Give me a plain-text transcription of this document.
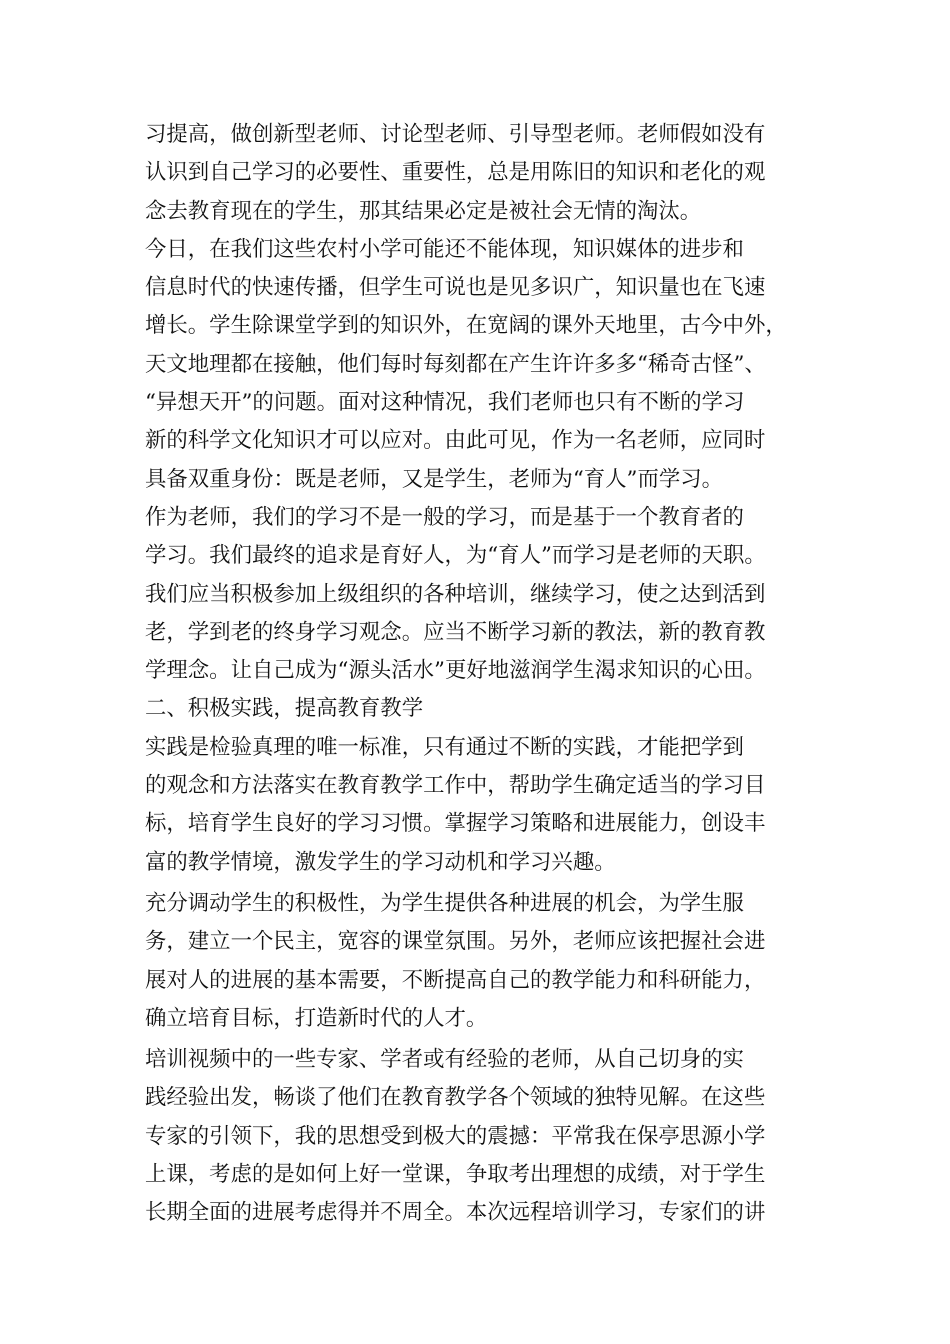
习提高，做创新型老师、讨论型老师、引导型老师。老师假如没有
认识到自己学习的必要性、重要性，总是用陈旧的知识和老化的观
念去教育现在的学生，那其结果必定是被社会无情的淘汰。
今日，在我们这些农村小学可能还不能体现，知识媒体的进步和
信息时代的快速传播，但学生可说也是见多识广，知识量也在飞速
增长。学生除课堂学到的知识外，在宽阔的课外天地里，古今中外，
天文地理都在接触，他们每时每刻都在产生许许多多“稀奇古怪”、
“异想天开”的问题。面对这种情况，我们老师也只有不断的学习
新的科学文化知识才可以应对。由此可见，作为一名老师，应同时
具备双重身份：既是老师，又是学生，老师为“育人”而学习。
作为老师，我们的学习不是一般的学习，而是基于一个教育者的
学习。我们最终的追求是育好人，为“育人”而学习是老师的天职。
我们应当积极参加上级组织的各种培训，继续学习，使之达到活到
老，学到老的终身学习观念。应当不断学习新的教法，新的教育教
学理念。让自己成为“源头活水”更好地滋润学生渴求知识的心田。
二、积极实践，提高教育教学
实践是检验真理的唯一标准，只有通过不断的实践，才能把学到
的观念和方法落实在教育教学工作中，帮助学生确定适当的学习目
标，培育学生良好的学习习惯。掌握学习策略和进展能力，创设丰
富的教学情境，激发学生的学习动机和学习兴趣。
充分调动学生的积极性，为学生提供各种进展的机会，为学生服
务，建立一个民主，宽容的课堂氛围。另外，老师应该把握社会进
展对人的进展的基本需要，不断提高自己的教学能力和科研能力，
确立培育目标，打造新时代的人才。
培训视频中的一些专家、学者或有经验的老师，从自己切身的实
践经验出发，畅谈了他们在教育教学各个领域的独特见解。在这些
专家的引领下，我的思想受到极大的震撼：平常我在保亭思源小学
上课，考虑的是如何上好一堂课，争取考出理想的成绩，对于学生
长期全面的进展考虑得并不周全。本次远程培训学习，专家们的讲
